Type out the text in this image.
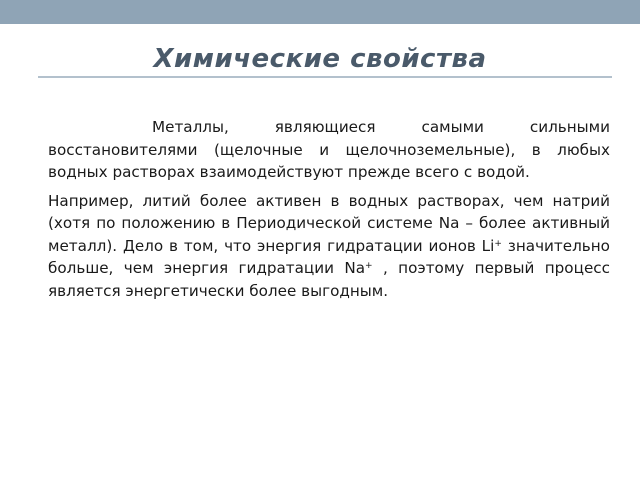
Химические свойства

Металлы, являющиеся самыми сильными восстановителями (щелочные и щелочноземельные), в любых водных растворах взаимодействуют прежде всего с водой.

Например, литий более активен в водных растворах, чем натрий (хотя по положению в Периодической системе Na – более активный металл). Дело в том, что энергия гидратации ионов Li+ значительно больше, чем энергия гидратации Na+ , поэтому первый процесс является энергетически более выгодным.
